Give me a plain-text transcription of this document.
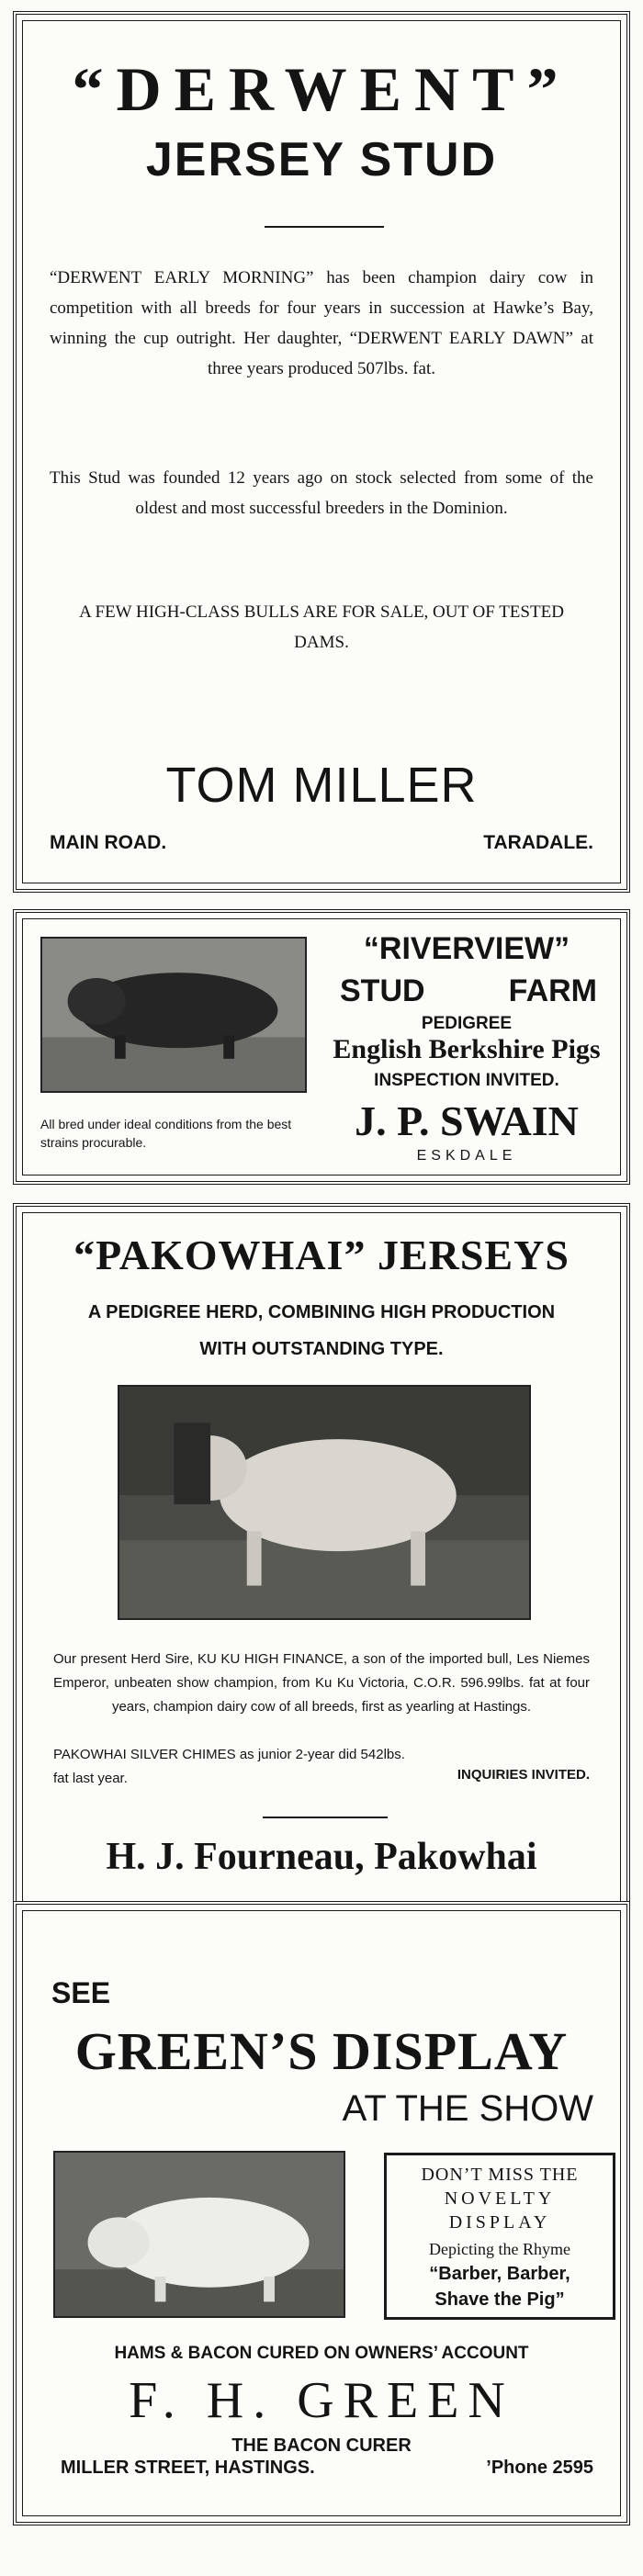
“DERWENT”
JERSEY STUD
“DERWENT EARLY MORNING” has been champion dairy cow in competition with all breeds for four years in succession at Hawke’s Bay, winning the cup outright. Her daughter, “DERWENT EARLY DAWN” at three years produced 507lbs. fat.
This Stud was founded 12 years ago on stock selected from some of the oldest and most successful breeders in the Dominion.
A FEW HIGH-CLASS BULLS ARE FOR SALE, OUT OF TESTED DAMS.
TOM MILLER
MAIN ROAD.	TARADALE.
All bred under ideal conditions from the best strains procurable.
“RIVERVIEW”
STUD	FARM
PEDIGREE
English Berkshire Pigs
INSPECTION INVITED.
J. P. SWAIN
ESKDALE
“PAKOWHAI” JERSEYS
A PEDIGREE HERD, COMBINING HIGH PRODUCTION
WITH OUTSTANDING TYPE.
Our present Herd Sire, KU KU HIGH FINANCE, a son of the imported bull, Les Niemes Emperor, unbeaten show champion, from Ku Ku Victoria, C.O.R. 596.99lbs. fat at four years, champion dairy cow of all breeds, first as yearling at Hastings.
PAKOWHAI SILVER CHIMES as junior 2-year did 542lbs. fat last year.	INQUIRIES INVITED.
H. J. Fourneau, Pakowhai
SEE
GREEN’S DISPLAY
AT THE SHOW
DON’T MISS THE
NOVELTY
DISPLAY
Depicting the Rhyme
“Barber, Barber,
Shave the Pig”
HAMS & BACON CURED ON OWNERS’ ACCOUNT
F. H. GREEN
THE BACON CURER
MILLER STREET, HASTINGS.	’Phone 2595
